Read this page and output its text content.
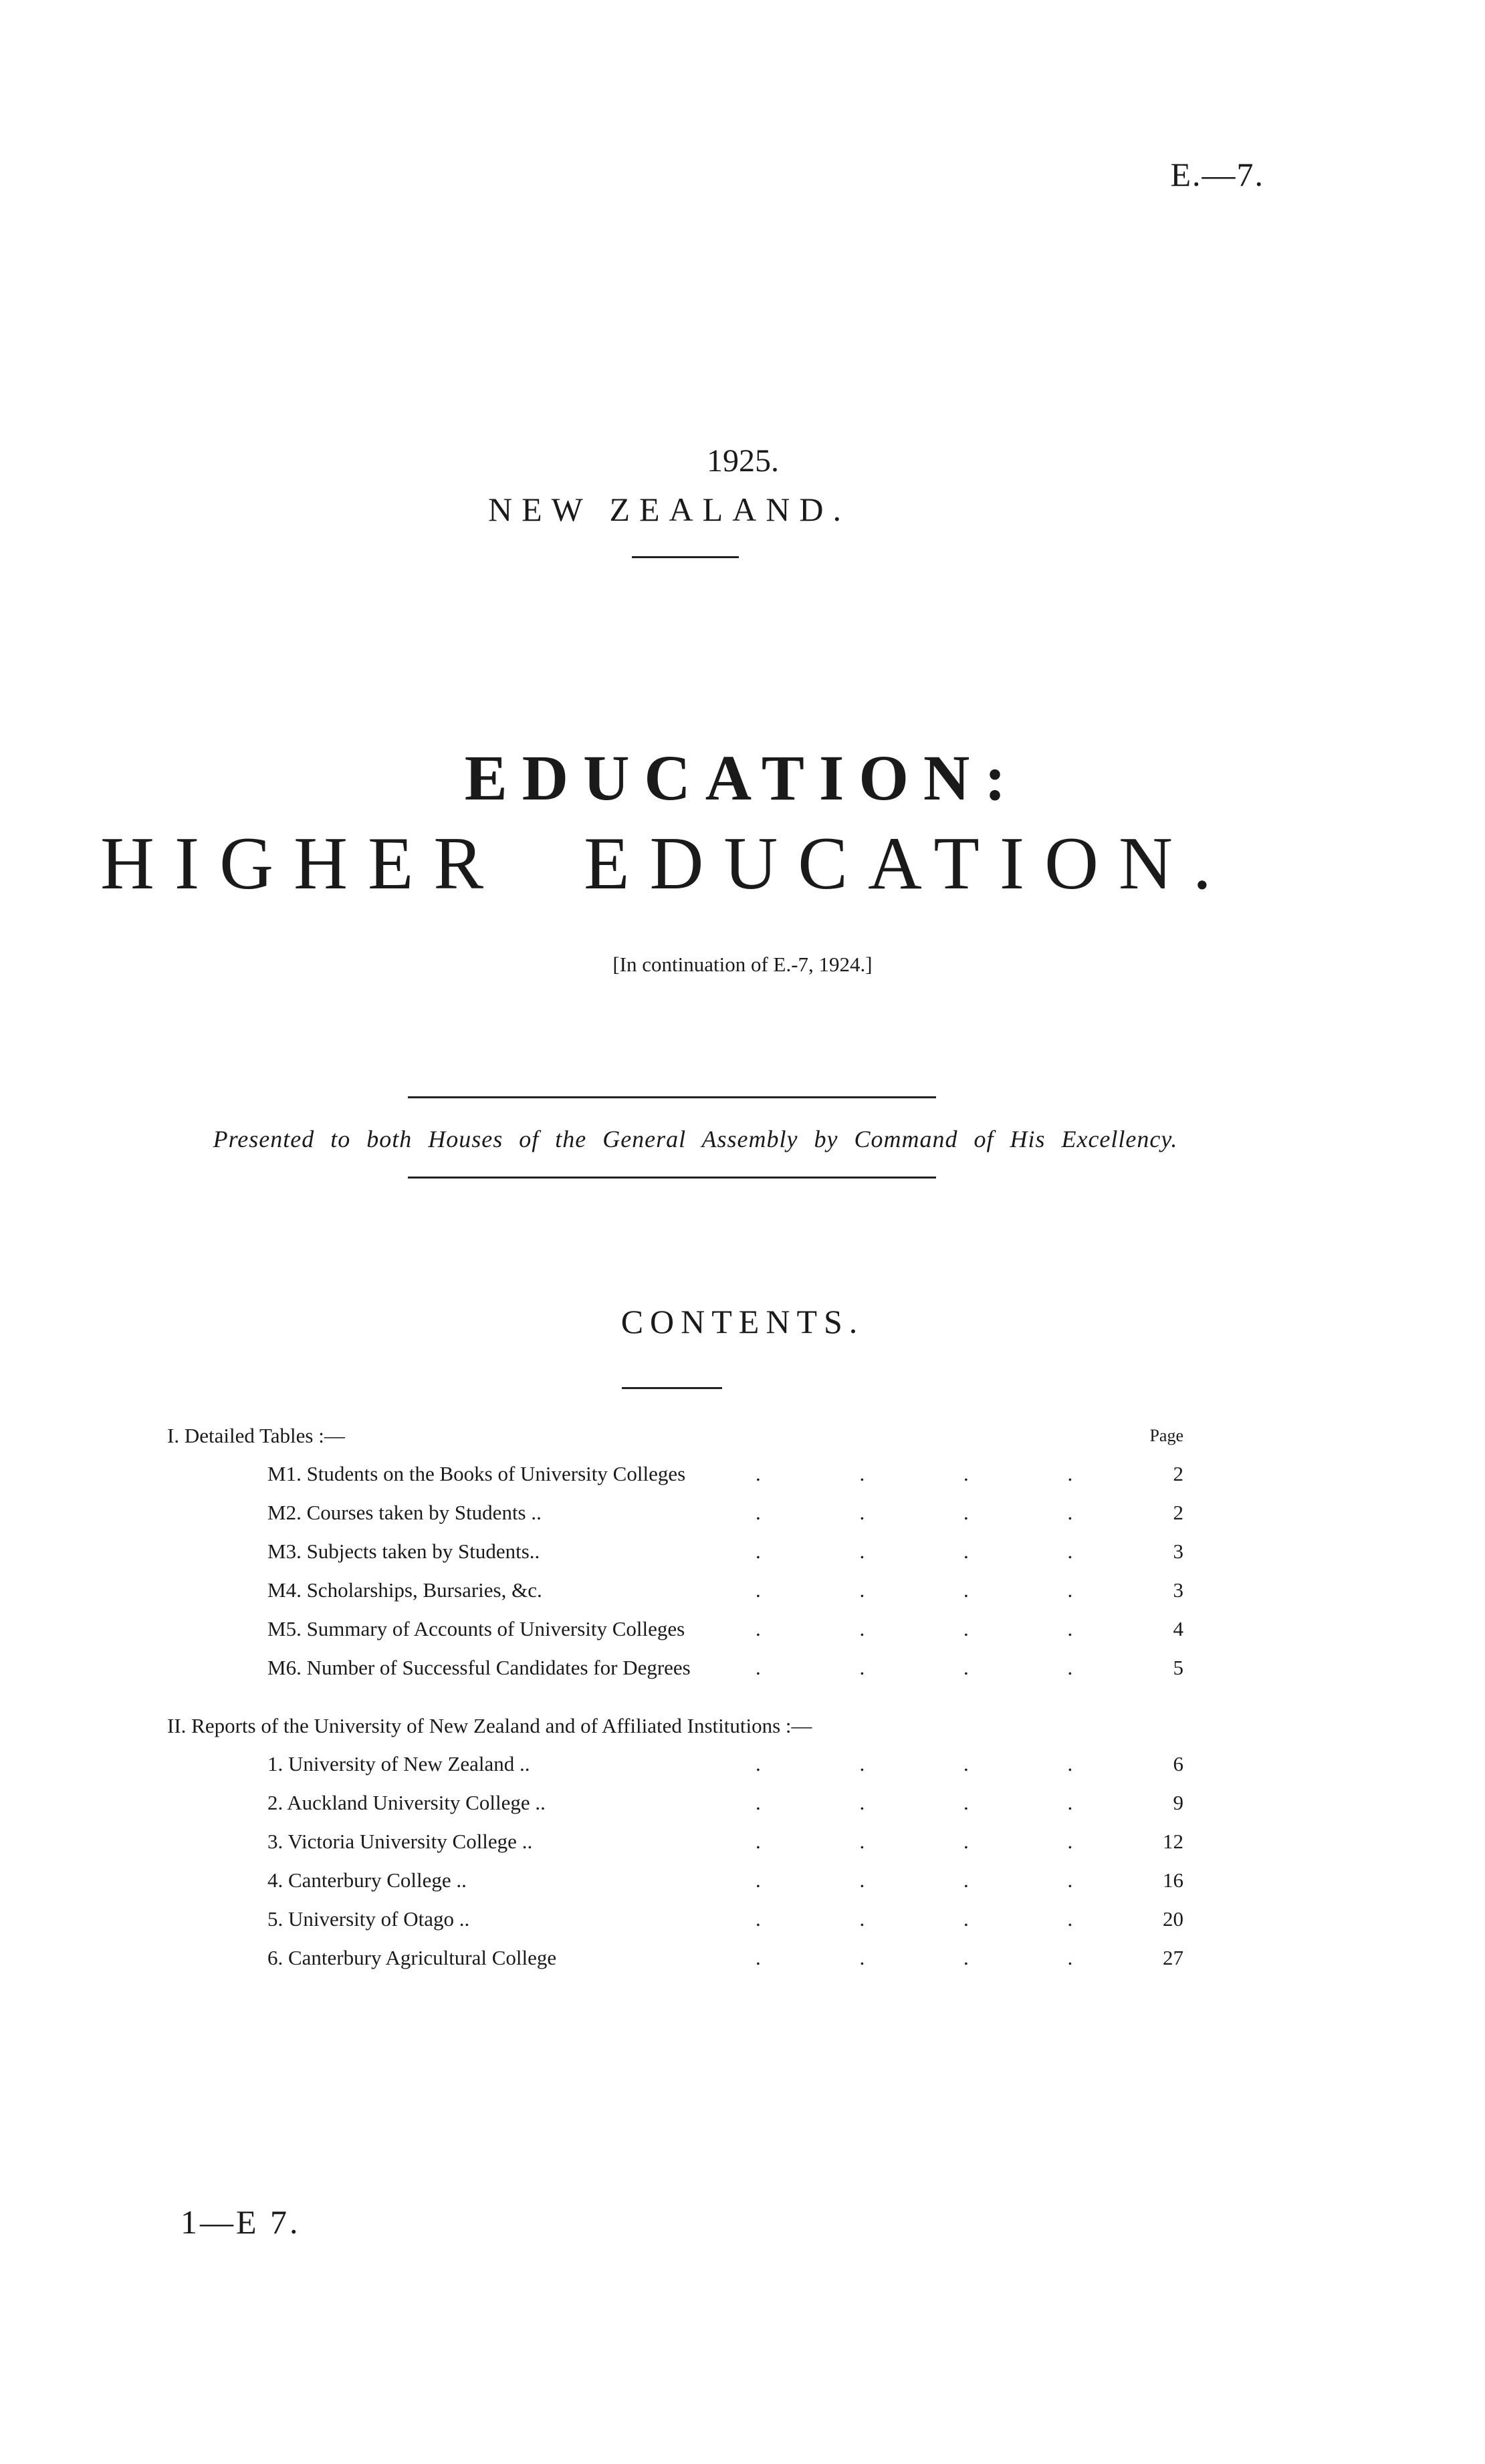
E.—7.
1925.
NEW ZEALAND.
EDUCATION:
HIGHER EDUCATION.
[In continuation of E.-7, 1924.]
Presented to both Houses of the General Assembly by Command of His Excellency.
CONTENTS.
I. Detailed Tables :—	Page
M1. Students on the Books of University Colleges	. . . .	2
M2. Courses taken by Students ..	. . . .	2
M3. Subjects taken by Students..	. . . .	3
M4. Scholarships, Bursaries, &c.	. . . .	3
M5. Summary of Accounts of University Colleges	. . . .	4
M6. Number of Successful Candidates for Degrees	. . . .	5
II. Reports of the University of New Zealand and of Affiliated Institutions :—
1. University of New Zealand ..	. . . .	6
2. Auckland University College ..	. . . .	9
3. Victoria University College ..	. . . .	12
4. Canterbury College ..	. . . .	16
5. University of Otago ..	. . . .	20
6. Canterbury Agricultural College	. . . .	27
1—E 7.
